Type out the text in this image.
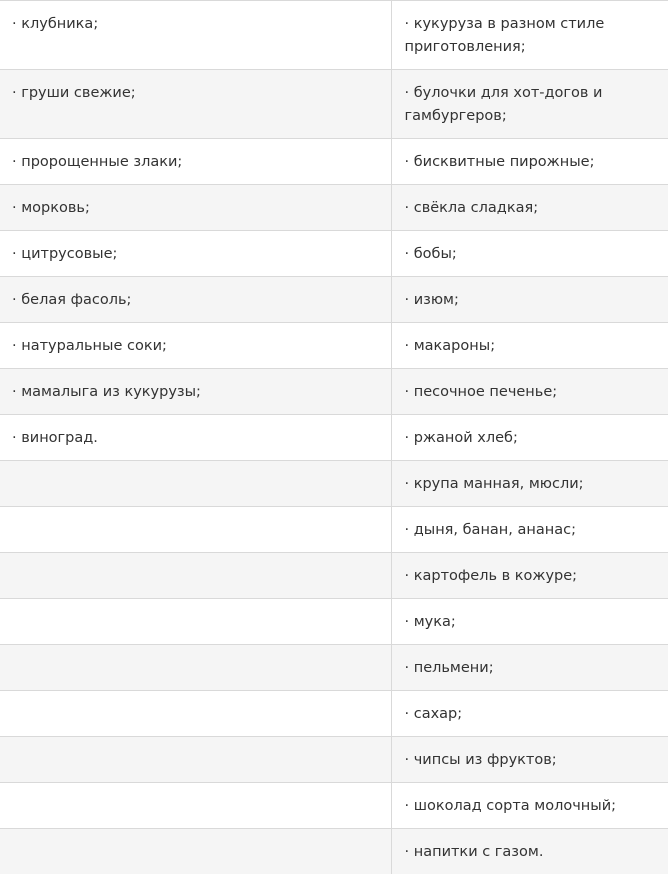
· клубника;	· кукуруза в разном стиле приготовления;
· груши свежие;	· булочки для хот-догов и гамбургеров;
· пророщенные злаки;	· бисквитные пирожные;
· морковь;	· свёкла сладкая;
· цитрусовые;	· бобы;
· белая фасоль;	· изюм;
· натуральные соки;	· макароны;
· мамалыга из кукурузы;	· песочное печенье;
· виноград.	· ржаной хлеб;
	· крупа манная, мюсли;
	· дыня, банан, ананас;
	· картофель в кожуре;
	· мука;
	· пельмени;
	· сахар;
	· чипсы из фруктов;
	· шоколад сорта молочный;
	· напитки с газом.
